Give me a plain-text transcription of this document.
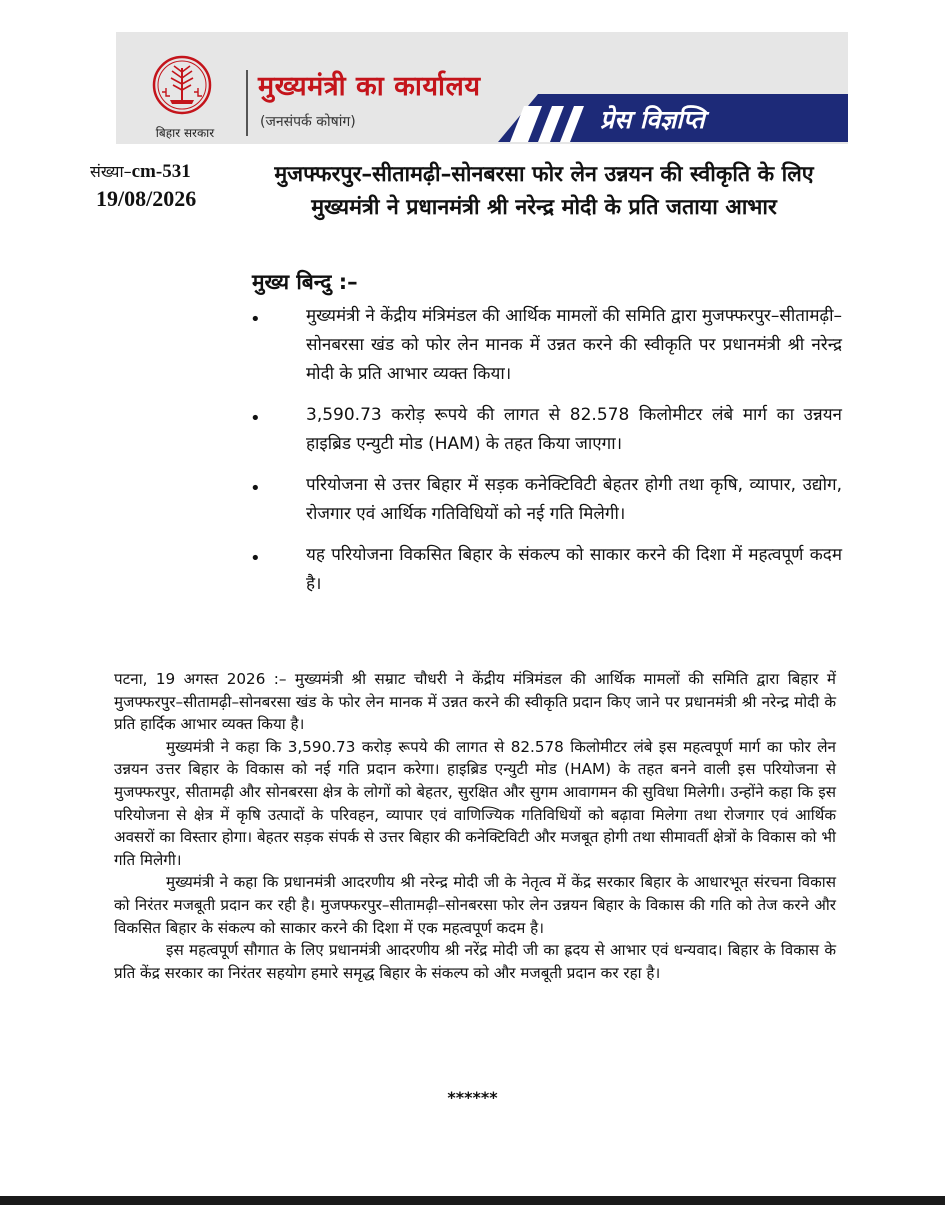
बिहार सरकार
मुख्यमंत्री का कार्यालय
(जनसंपर्क कोषांग)	प्रेस विज्ञप्ति
संख्या–cm-531
19/08/2026
मुजफ्फरपुर–सीतामढ़ी–सोनबरसा फोर लेन उन्नयन की स्वीकृति के लिए मुख्यमंत्री ने प्रधानमंत्री श्री नरेन्द्र मोदी के प्रति जताया आभार
मुख्य बिन्दु :–
•	मुख्यमंत्री ने केंद्रीय मंत्रिमंडल की आर्थिक मामलों की समिति द्वारा मुजफ्फरपुर–सीतामढ़ी–सोनबरसा खंड को फोर लेन मानक में उन्नत करने की स्वीकृति पर प्रधानमंत्री श्री नरेन्द्र मोदी के प्रति आभार व्यक्त किया।
•	3,590.73 करोड़ रूपये की लागत से 82.578 किलोमीटर लंबे मार्ग का उन्नयन हाइब्रिड एन्युटी मोड (HAM) के तहत किया जाएगा।
•	परियोजना से उत्तर बिहार में सड़क कनेक्टिविटी बेहतर होगी तथा कृषि, व्यापार, उद्योग, रोजगार एवं आर्थिक गतिविधियों को नई गति मिलेगी।
•	यह परियोजना विकसित बिहार के संकल्प को साकार करने की दिशा में महत्वपूर्ण कदम है।

पटना, 19 अगस्त 2026 :– मुख्यमंत्री श्री सम्राट चौधरी ने केंद्रीय मंत्रिमंडल की आर्थिक मामलों की समिति द्वारा बिहार में मुजफ्फरपुर–सीतामढ़ी–सोनबरसा खंड के फोर लेन मानक में उन्नत करने की स्वीकृति प्रदान किए जाने पर प्रधानमंत्री श्री नरेन्द्र मोदी के प्रति हार्दिक आभार व्यक्त किया है।

मुख्यमंत्री ने कहा कि 3,590.73 करोड़ रूपये की लागत से 82.578 किलोमीटर लंबे इस महत्वपूर्ण मार्ग का फोर लेन उन्नयन उत्तर बिहार के विकास को नई गति प्रदान करेगा। हाइब्रिड एन्युटी मोड (HAM) के तहत बनने वाली इस परियोजना से मुजफ्फरपुर, सीतामढ़ी और सोनबरसा क्षेत्र के लोगों को बेहतर, सुरक्षित और सुगम आवागमन की सुविधा मिलेगी। उन्होंने कहा कि इस परियोजना से क्षेत्र में कृषि उत्पादों के परिवहन, व्यापार एवं वाणिज्यिक गतिविधियों को बढ़ावा मिलेगा तथा रोजगार एवं आर्थिक अवसरों का विस्तार होगा। बेहतर सड़क संपर्क से उत्तर बिहार की कनेक्टिविटी और मजबूत होगी तथा सीमावर्ती क्षेत्रों के विकास को भी गति मिलेगी।

मुख्यमंत्री ने कहा कि प्रधानमंत्री आदरणीय श्री नरेन्द्र मोदी जी के नेतृत्व में केंद्र सरकार बिहार के आधारभूत संरचना विकास को निरंतर मजबूती प्रदान कर रही है। मुजफ्फरपुर–सीतामढ़ी–सोनबरसा फोर लेन उन्नयन बिहार के विकास की गति को तेज करने और विकसित बिहार के संकल्प को साकार करने की दिशा में एक महत्वपूर्ण कदम है।

इस महत्वपूर्ण सौगात के लिए प्रधानमंत्री आदरणीय श्री नरेंद्र मोदी जी का ह्रदय से आभार एवं धन्यवाद। बिहार के विकास के प्रति केंद्र सरकार का निरंतर सहयोग हमारे समृद्ध बिहार के संकल्प को और मजबूती प्रदान कर रहा है।

******
